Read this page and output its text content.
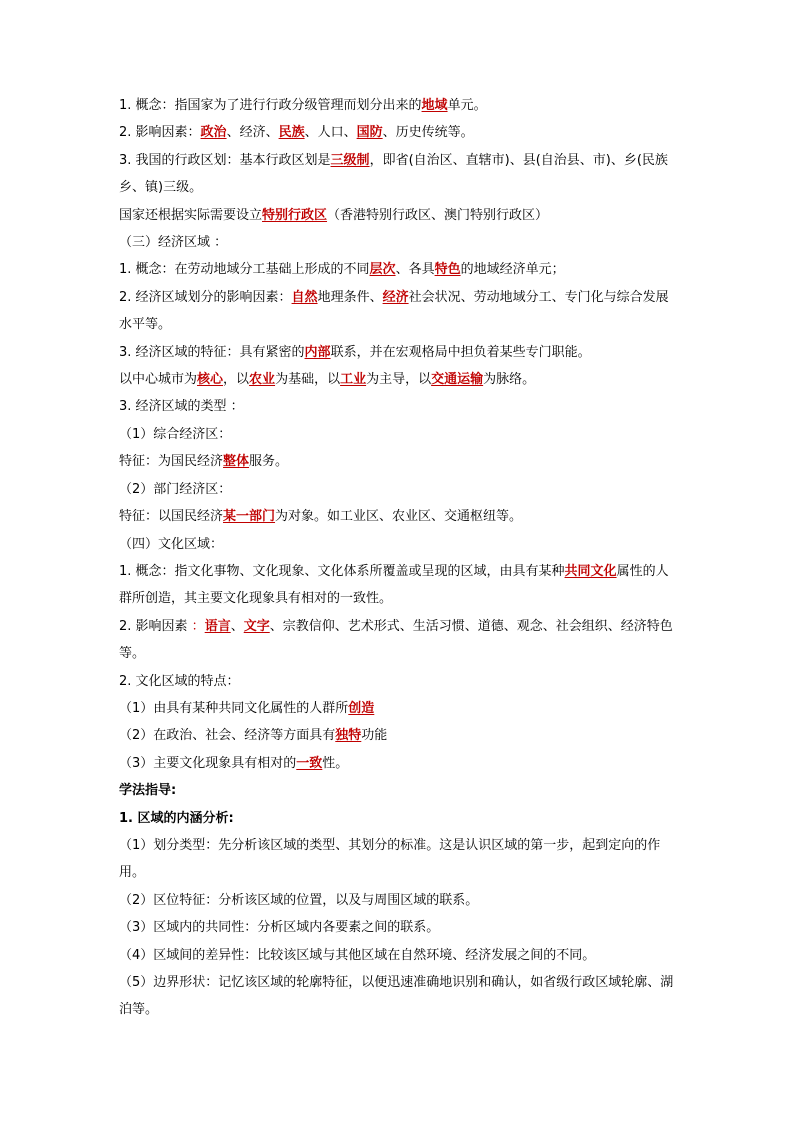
1. 概念：指国家为了进行行政分级管理而划分出来的地域单元。
2. 影响因素：政治、经济、民族、人口、国防、历史传统等。
3. 我国的行政区划：基本行政区划是三级制，即省(自治区、直辖市)、县(自治县、市)、乡(民族乡、镇)三级。
国家还根据实际需要设立特别行政区（香港特别行政区、澳门特别行政区）
（三）经济区域 ：
1. 概念：在劳动地域分工基础上形成的不同层次、各具特色的地域经济单元；
2. 经济区域划分的影响因素：自然地理条件、经济社会状况、劳动地域分工、专门化与综合发展水平等。
3. 经济区域的特征：具有紧密的内部联系，并在宏观格局中担负着某些专门职能。
以中心城市为核心，以农业为基础，以工业为主导，以交通运输为脉络。
3. 经济区域的类型 ：
（1）综合经济区：
特征：为国民经济整体服务。
（2）部门经济区：
特征：以国民经济某一部门为对象。如工业区、农业区、交通枢纽等。
（四）文化区域：
1. 概念：指文化事物、文化现象、文化体系所覆盖或呈现的区域，由具有某种共同文化属性的人群所创造，其主要文化现象具有相对的一致性。
2. 影响因素 ：语言、文字、宗教信仰、艺术形式、生活习惯、道德、观念、社会组织、经济特色等。
2. 文化区域的特点：
（1）由具有某种共同文化属性的人群所创造
（2）在政治、社会、经济等方面具有独特功能
（3）主要文化现象具有相对的一致性。
学法指导:
1. 区域的内涵分析:
（1）划分类型：先分析该区域的类型、其划分的标准。这是认识区域的第一步，起到定向的作用。
（2）区位特征：分析该区域的位置，以及与周围区域的联系。
（3）区域内的共同性：分析区域内各要素之间的联系。
（4）区域间的差异性：比较该区域与其他区域在自然环境、经济发展之间的不同。
（5）边界形状：记忆该区域的轮廓特征，以便迅速准确地识别和确认，如省级行政区域轮廓、湖泊等。
